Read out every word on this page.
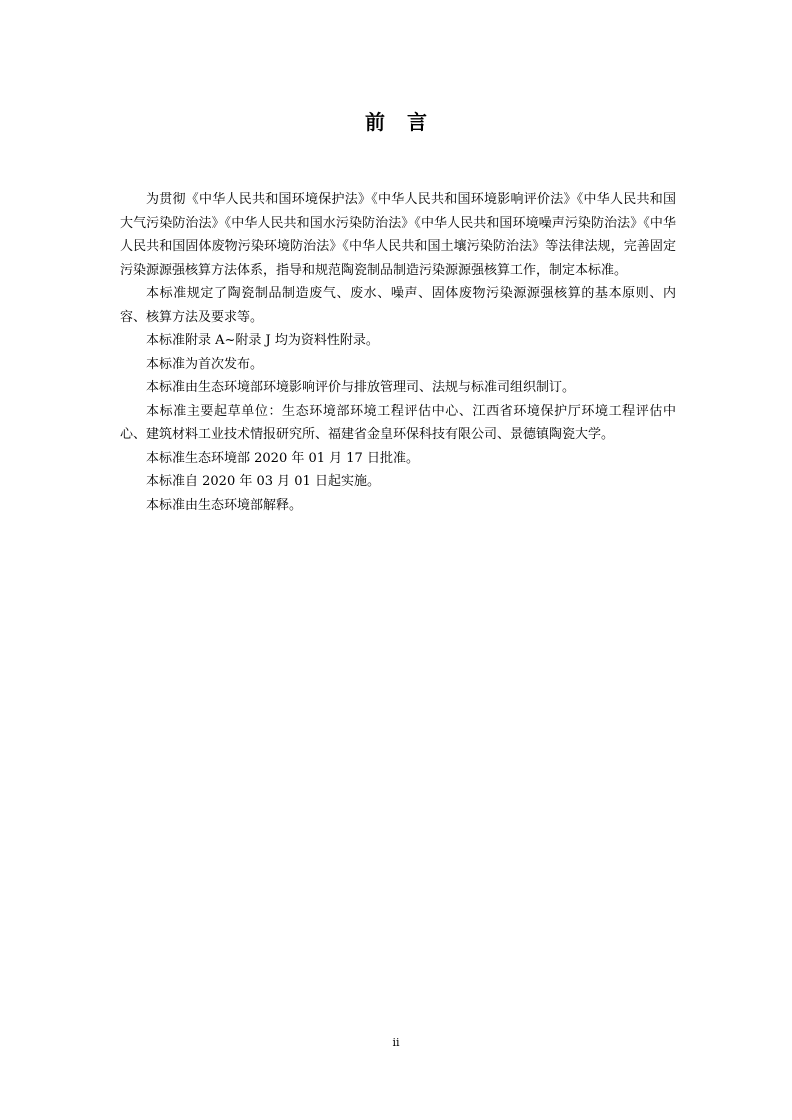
前 言

为贯彻《中华人民共和国环境保护法》《中华人民共和国环境影响评价法》《中华人民共和国大气污染防治法》《中华人民共和国水污染防治法》《中华人民共和国环境噪声污染防治法》《中华人民共和国固体废物污染环境防治法》《中华人民共和国土壤污染防治法》等法律法规，完善固定污染源源强核算方法体系，指导和规范陶瓷制品制造污染源源强核算工作，制定本标准。

本标准规定了陶瓷制品制造废气、废水、噪声、固体废物污染源源强核算的基本原则、内容、核算方法及要求等。

本标准附录 A~附录 J 均为资料性附录。

本标准为首次发布。

本标准由生态环境部环境影响评价与排放管理司、法规与标准司组织制订。

本标准主要起草单位：生态环境部环境工程评估中心、江西省环境保护厅环境工程评估中心、建筑材料工业技术情报研究所、福建省金皇环保科技有限公司、景德镇陶瓷大学。

本标准生态环境部 2020 年 01 月 17 日批准。

本标准自 2020 年 03 月 01 日起实施。

本标准由生态环境部解释。

ii
